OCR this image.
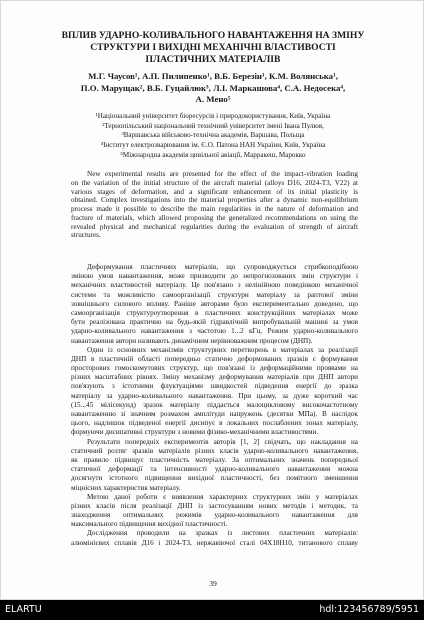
ВПЛИВ УДАРНО-КОЛИВАЛЬНОГО НАВАНТАЖЕННЯ НА ЗМІНУ
СТРУКТУРИ І ВИХІДНІ МЕХАНІЧНІ ВЛАСТИВОСТІ
ПЛАСТИЧНИХ МАТЕРІАЛІВ
М.Г. Чаусов¹, А.П. Пилипенко¹, В.Б. Березін¹, К.М. Волянська¹,
П.О. Марущак², В.Б. Гуцайлюк³, Л.І. Маркашова⁴, С.А. Недосека⁴,
А. Мено⁵
¹Національний університет біоресурсів і природокористування, Київ, Україна
²Тернопільський національний технічний університет імені Івана Пулюя,
³Варшавська військово-технічна академія, Варшава, Польща
⁴Інститут електрозварювання ім. Є.О. Патона НАН України, Київ, Україна
⁵Міжнародна академія цивільної авіації, Марракеш, Марокко
New experimental results are presented for the effect of the impact-vibration loading
on the variation of the initial structure of the aircraft material (alloys D16, 2024-T3, V22) at
various stages of deformation, and a significant enhancement of its initial plasticity is
obtained. Complex investigations into the material properties after a dynamic non-equilibrium
process made it possible to describe the main regularities in the nature of deformation and
fracture of materials, which allowed proposing the generalized recommendations on using the
revealed physical and mechanical regularities during the evaluation of strength of aircraft
structures.
Деформування пластичних матеріалів, що супроводжується стрибкоподібною
зміною умов навантаження, може призводити до непрогнозованих змін структури і
механічних властивостей матеріалу. Це пов'язано з нелінійною поведінкою механічної
системи та можливістю самоорганізації структури матеріалу за раптової зміни
зовнішнього силового впливу. Раніше авторами було експериментально доведено, що
самоорганізація структуроутворення в пластичних конструкційних матеріалах може
бути реалізована практично на будь-якій гідравлічній випробувальній машині за умов
ударно-коливального навантаження з частотою 1...2 кГц. Режим ударно-коливального
навантаження автори називають динамічним нерівноважним процесом (ДНП).
Один із основних механізмів структурних перетворень в матеріалах за реалізації
ДНП в пластичній області попередньо статично деформованих зразків є формування
просторових гомоскомутових структур, що пов'язані із деформаційними проявами на
різних масштабних рівнях. Зміну механізму деформування матеріалів при ДНП автори
пов'язують з істотними флуктуаціями швидкостей підведення енергії до зразка
матеріалу за ударно-коливального навантаження. При цьому, за дуже короткий час
(15...45 мілісекунд) зразок матеріалу піддається малоцикловому високочастотному
навантаженню зі значним розмахом амплітуди напружень (десятки МПа). В наслідок
цього, надлишок підведеної енергії дисипує в локальних послаблених зонах матеріалу,
формуючи дисипативні структури з новими фізико-механічними властивостями.
Результати попередніх експериментів авторів [1, 2] свідчать, що накладання на
статичний розтяг зразків матеріалів різних класів ударно-коливального навантаження,
як правило підвищує пластичність матеріалу. За оптимальних значень попередньої
статичної деформації та інтенсивності ударно-коливального навантаження можна
досягнути істотного підвищення вихідної пластичності, без помітного зменшення
міцнісних характеристик матеріалу.
Метою даної роботи є виявлення характерних структурних змін у матеріалах
різних класів після реалізації ДНП із застосуванням нових методів і методик, та
знаходження оптимальних режимів ударно-коливального навантаження для
максимального підвищення вихідної пластичності.
Дослідження проводили на зразках із листових пластичних матеріалів:
алюмінієвих сплавів Д16 і 2024-Т3, нержавіючої сталі 04Х18Н10, титанового сплаву
39
ELARTU	hdl:123456789/5951
